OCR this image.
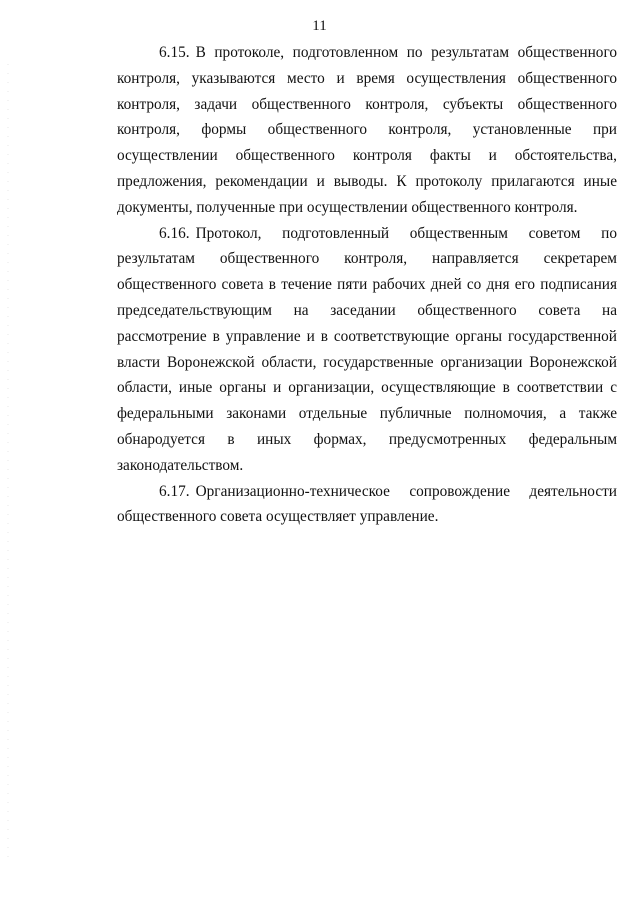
11

6.15. В протоколе, подготовленном по результатам общественного контроля, указываются место и время осуществления общественного контроля, задачи общественного контроля, субъекты общественного контроля, формы общественного контроля, установленные при осуществлении общественного контроля факты и обстоятельства, предложения, рекомендации и выводы. К протоколу прилагаются иные документы, полученные при осуществлении общественного контроля.

6.16. Протокол, подготовленный общественным советом по результатам общественного контроля, направляется секретарем общественного совета в течение пяти рабочих дней со дня его подписания председательствующим на заседании общественного совета на рассмотрение в управление и в соответствующие органы государственной власти Воронежской области, государственные организации Воронежской области, иные органы и организации, осуществляющие в соответствии с федеральными законами отдельные публичные полномочия, а также обнародуется в иных формах, предусмотренных федеральным законодательством.

6.17. Организационно-техническое сопровождение деятельности общественного совета осуществляет управление.
